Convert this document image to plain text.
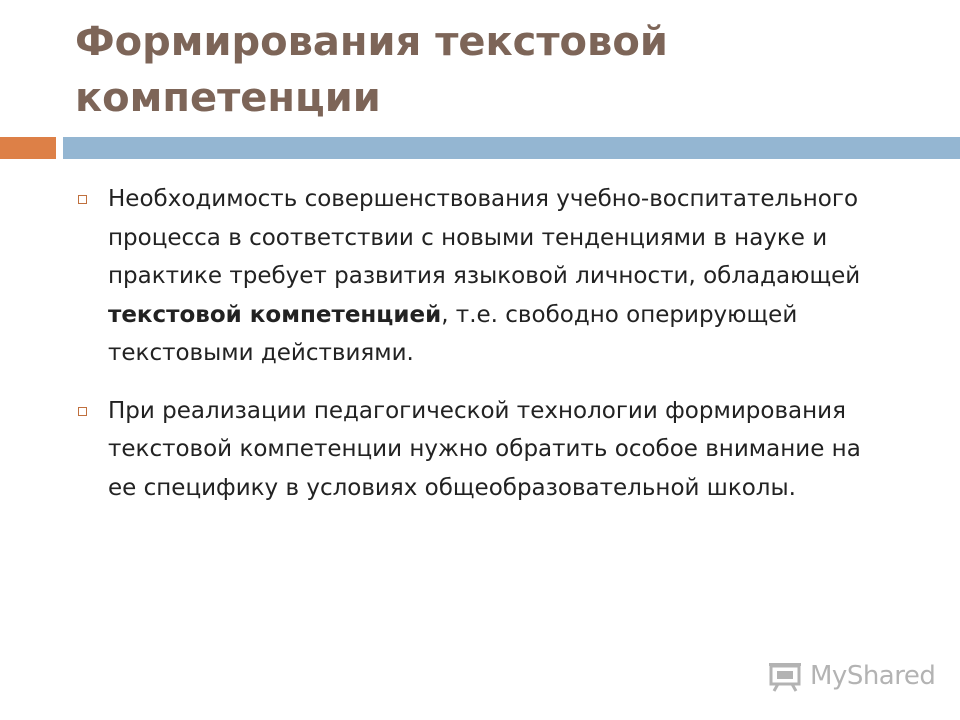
Формирования текстовой компетенции

Необходимость совершенствования учебно-воспитательного процесса в соответствии с новыми тенденциями в науке и практике требует развития языковой личности, обладающей текстовой компетенцией, т.е. свободно оперирующей текстовыми действиями.

При реализации педагогической технологии формирования текстовой компетенции нужно обратить особое внимание на ее специфику в условиях общеобразовательной школы.

MyShared
